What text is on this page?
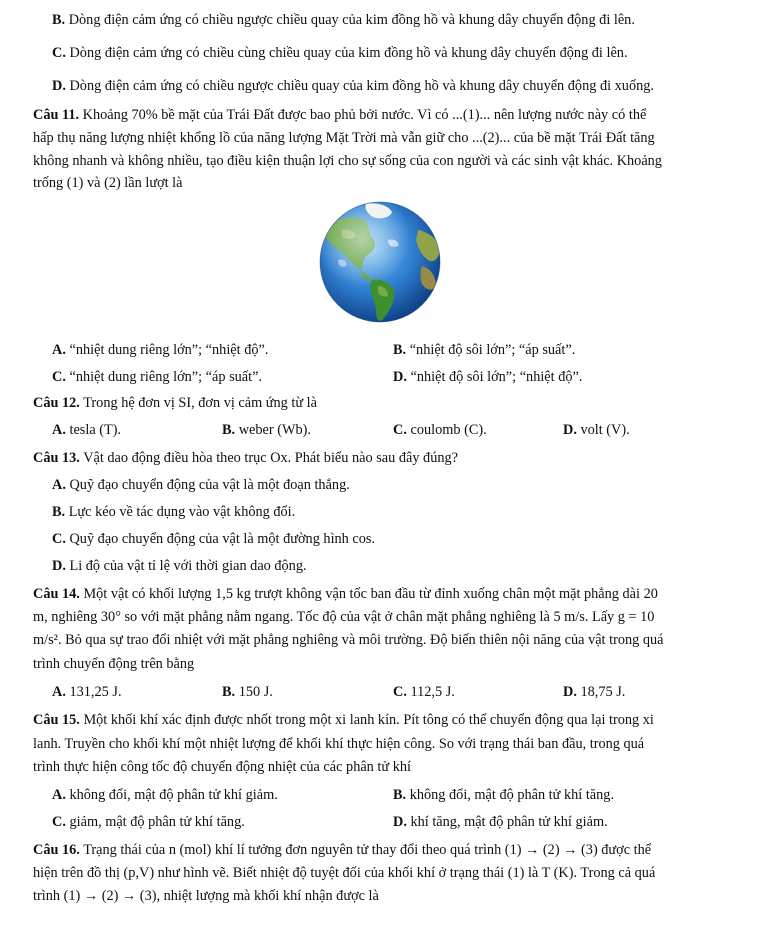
B. Dòng điện cảm ứng có chiều ngược chiều quay của kim đồng hồ và khung dây chuyển động đi lên.
C. Dòng điện cảm ứng có chiều cùng chiều quay của kim đồng hồ và khung dây chuyển động đi lên.
D. Dòng điện cảm ứng có chiều ngược chiều quay của kim đồng hồ và khung dây chuyển động đi xuống.
Câu 11. Khoảng 70% bề mặt của Trái Đất được bao phủ bởi nước. Vì có ...(1)... nên lượng nước này có thể
hấp thụ năng lượng nhiệt khổng lồ của năng lượng Mặt Trời mà vẫn giữ cho ...(2)... của bề mặt Trái Đất tăng
không nhanh và không nhiều, tạo điều kiện thuận lợi cho sự sống của con người và các sinh vật khác. Khoảng
trống (1) và (2) lần lượt là
A. “nhiệt dung riêng lớn”; “nhiệt độ”.	B. “nhiệt độ sôi lớn”; “áp suất”.
C. “nhiệt dung riêng lớn”; “áp suất”.	D. “nhiệt độ sôi lớn”; “nhiệt độ”.
Câu 12. Trong hệ đơn vị SI, đơn vị cảm ứng từ là
A. tesla (T).	B. weber (Wb).	C. coulomb (C).	D. volt (V).
Câu 13. Vật dao động điều hòa theo trục Ox. Phát biểu nào sau đây đúng?
A. Quỹ đạo chuyển động của vật là một đoạn thẳng.
B. Lực kéo về tác dụng vào vật không đổi.
C. Quỹ đạo chuyển động của vật là một đường hình cos.
D. Li độ của vật tỉ lệ với thời gian dao động.
Câu 14. Một vật có khối lượng 1,5 kg trượt không vận tốc ban đầu từ đỉnh xuống chân một mặt phẳng dài 20
m, nghiêng 30° so với mặt phẳng nằm ngang. Tốc độ của vật ở chân mặt phẳng nghiêng là 5 m/s. Lấy g = 10
m/s². Bỏ qua sự trao đổi nhiệt với mặt phẳng nghiêng và môi trường. Độ biến thiên nội năng của vật trong quá
trình chuyển động trên bằng
A. 131,25 J.	B. 150 J.	C. 112,5 J.	D. 18,75 J.
Câu 15. Một khối khí xác định được nhốt trong một xi lanh kín. Pít tông có thể chuyển động qua lại trong xi
lanh. Truyền cho khối khí một nhiệt lượng để khối khí thực hiện công. So với trạng thái ban đầu, trong quá
trình thực hiện công tốc độ chuyển động nhiệt của các phân tử khí
A. không đổi, mật độ phân tử khí giảm.	B. không đổi, mật độ phân tử khí tăng.
C. giảm, mật độ phân tử khí tăng.	D. khí tăng, mật độ phân tử khí giảm.
Câu 16. Trạng thái của n (mol) khí lí tưởng đơn nguyên tử thay đổi theo quá trình (1) → (2) → (3) được thể
hiện trên đồ thị (p,V) như hình vẽ. Biết nhiệt độ tuyệt đối của khối khí ở trạng thái (1) là T (K). Trong cả quá
trình (1) → (2) → (3), nhiệt lượng mà khối khí nhận được là
